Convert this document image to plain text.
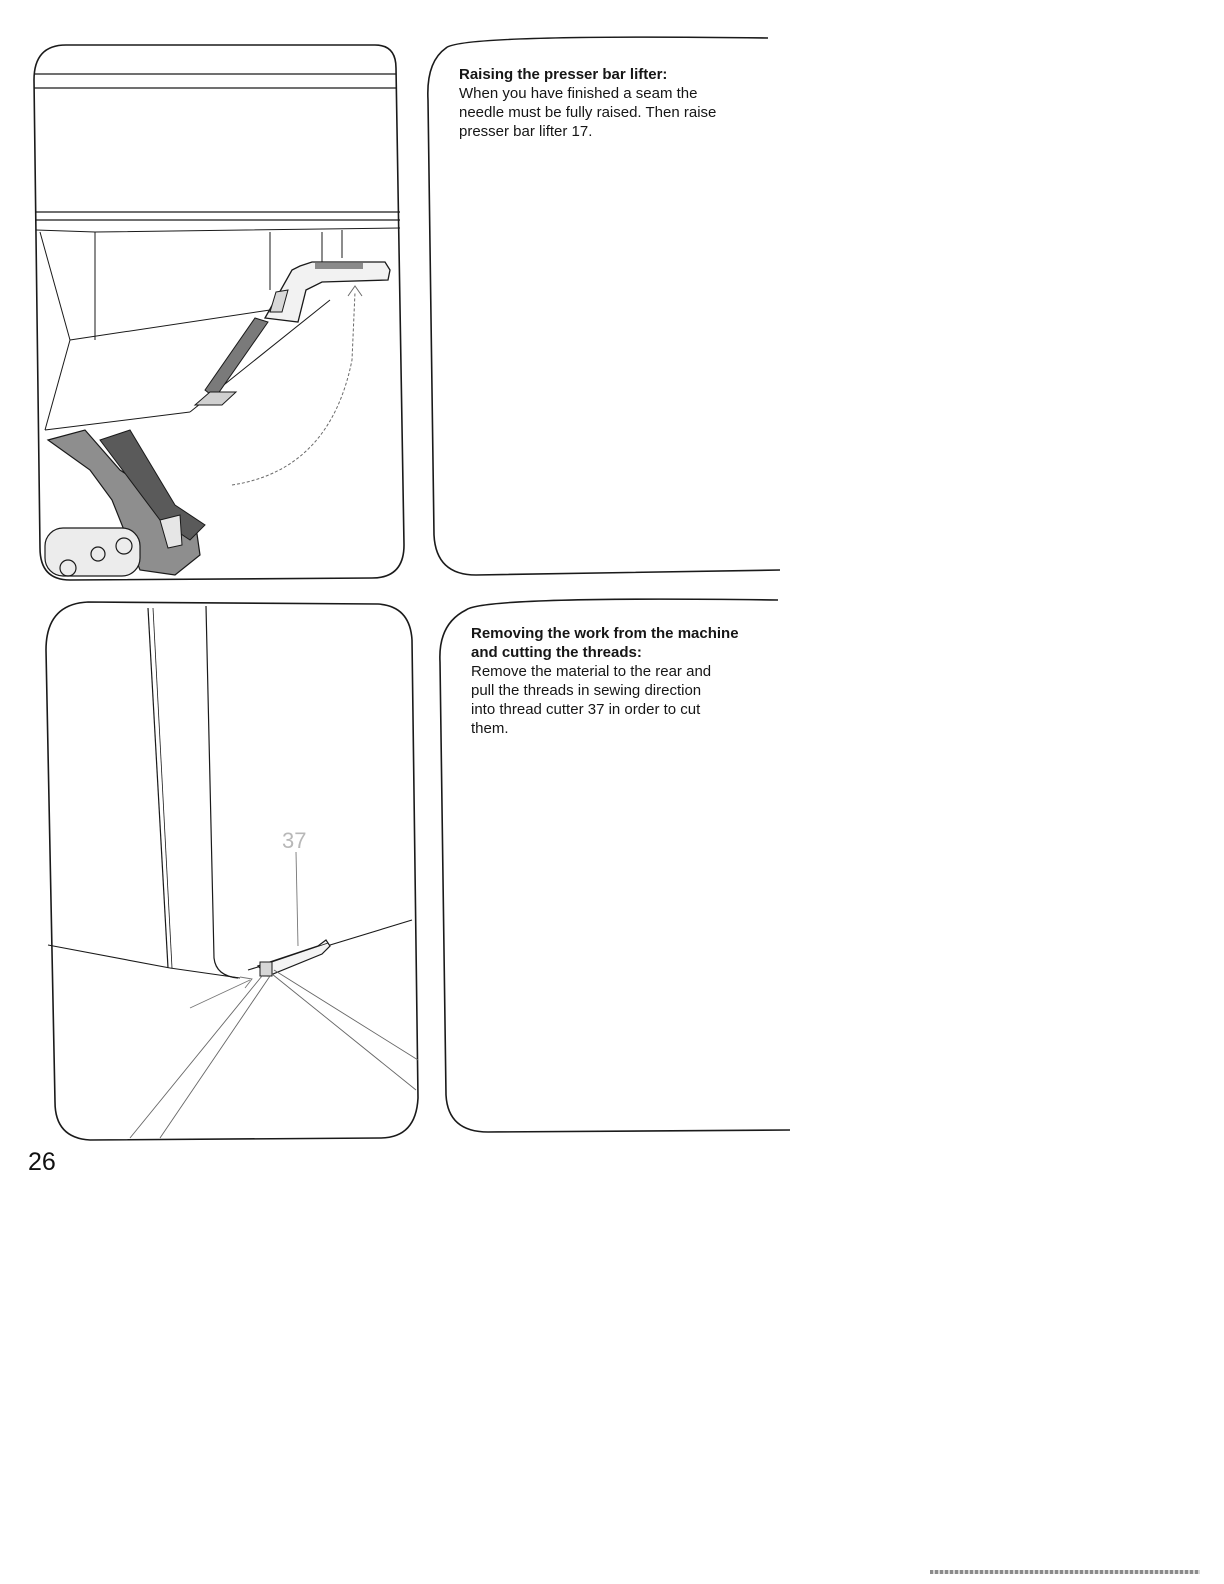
Raising the presser bar lifter:
When you have finished a seam the
needle must be fully raised. Then raise
presser bar lifter 17.
37
Removing the work from the machine
and cutting the threads:
Remove the material to the rear and
pull the threads in sewing direction
into thread cutter 37 in order to cut
them.
26
